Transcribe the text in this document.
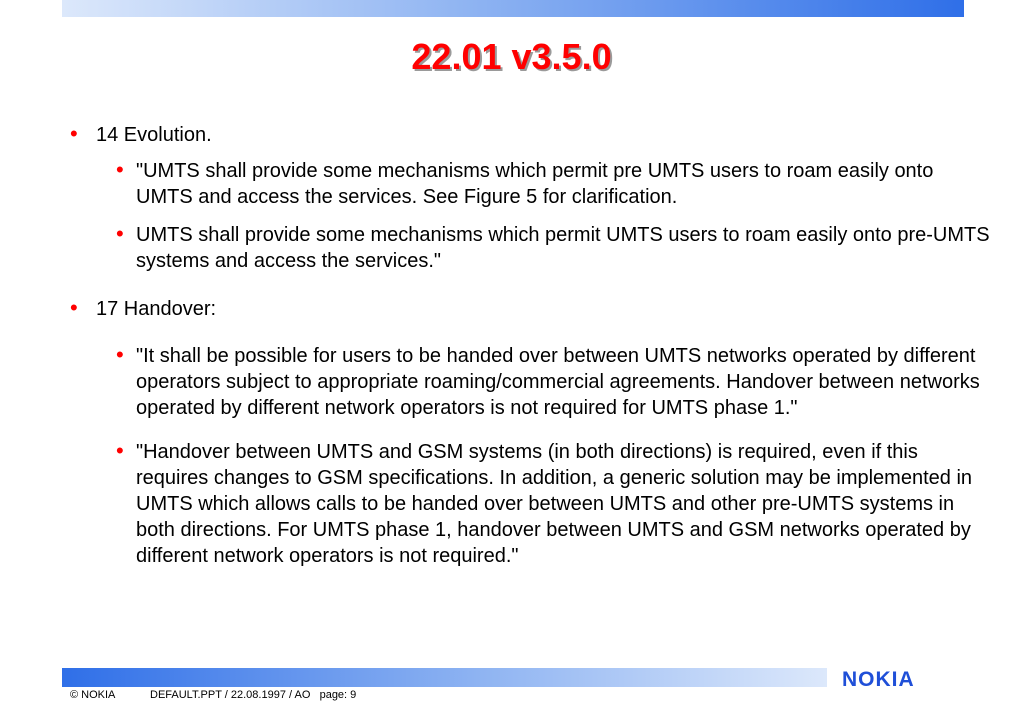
22.01 v3.5.0
• 14 Evolution.
• "UMTS shall provide some mechanisms which permit pre UMTS users to roam easily onto UMTS and access the services. See Figure 5 for clarification.
• UMTS shall provide some mechanisms which permit UMTS users to roam easily onto pre-UMTS systems and access the services."
• 17 Handover:
• "It shall be possible for users to be handed over between UMTS networks operated by different operators subject to appropriate roaming/commercial agreements. Handover between networks operated by different network operators is not required for UMTS phase 1."
• "Handover between UMTS and GSM systems (in both directions) is required, even if this requires changes to GSM specifications. In addition, a generic solution may be implemented in UMTS which allows calls to be handed over between UMTS and other pre-UMTS systems in both directions. For UMTS phase 1, handover between UMTS and GSM networks operated by different network operators is not required."
NOKIA
© NOKIA	DEFAULT.PPT / 22.08.1997 / AO page: 9
